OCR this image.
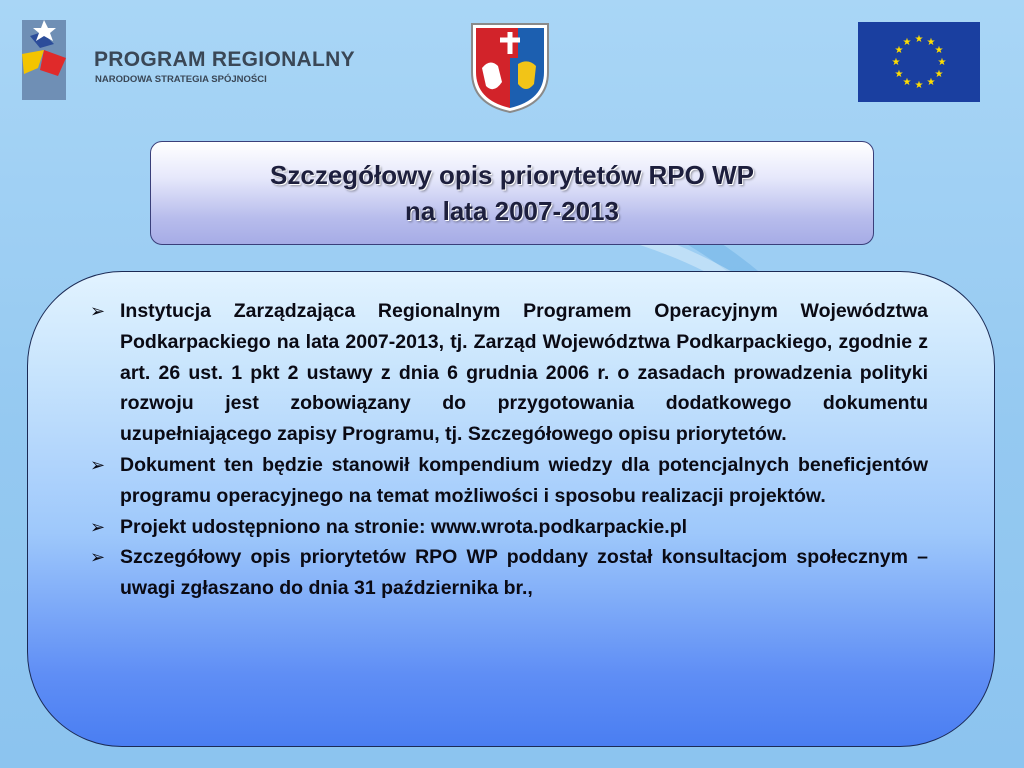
PROGRAM REGIONALNY
NARODOWA STRATEGIA SPÓJNOŚCI
★ ★
★
★
★
★
★
★
★
★
★
★
Szczegółowy opis priorytetów RPO WP
na lata 2007-2013
➢ Instytucja Zarządzająca Regionalnym Programem Operacyjnym Województwa Podkarpackiego na lata 2007-2013, tj. Zarząd Województwa Podkarpackiego, zgodnie z art. 26 ust. 1 pkt 2 ustawy z dnia 6 grudnia 2006 r. o zasadach prowadzenia polityki rozwoju jest zobowiązany do przygotowania dodatkowego dokumentu uzupełniającego zapisy Programu, tj. Szczegółowego opisu priorytetów.
➢ Dokument ten będzie stanowił kompendium wiedzy dla potencjalnych beneficjentów programu operacyjnego na temat możliwości i sposobu realizacji projektów.
➢ Projekt udostępniono na stronie: www.wrota.podkarpackie.pl
➢ Szczegółowy opis priorytetów RPO WP poddany został konsultacjom społecznym – uwagi zgłaszano do dnia 31 października br.,
